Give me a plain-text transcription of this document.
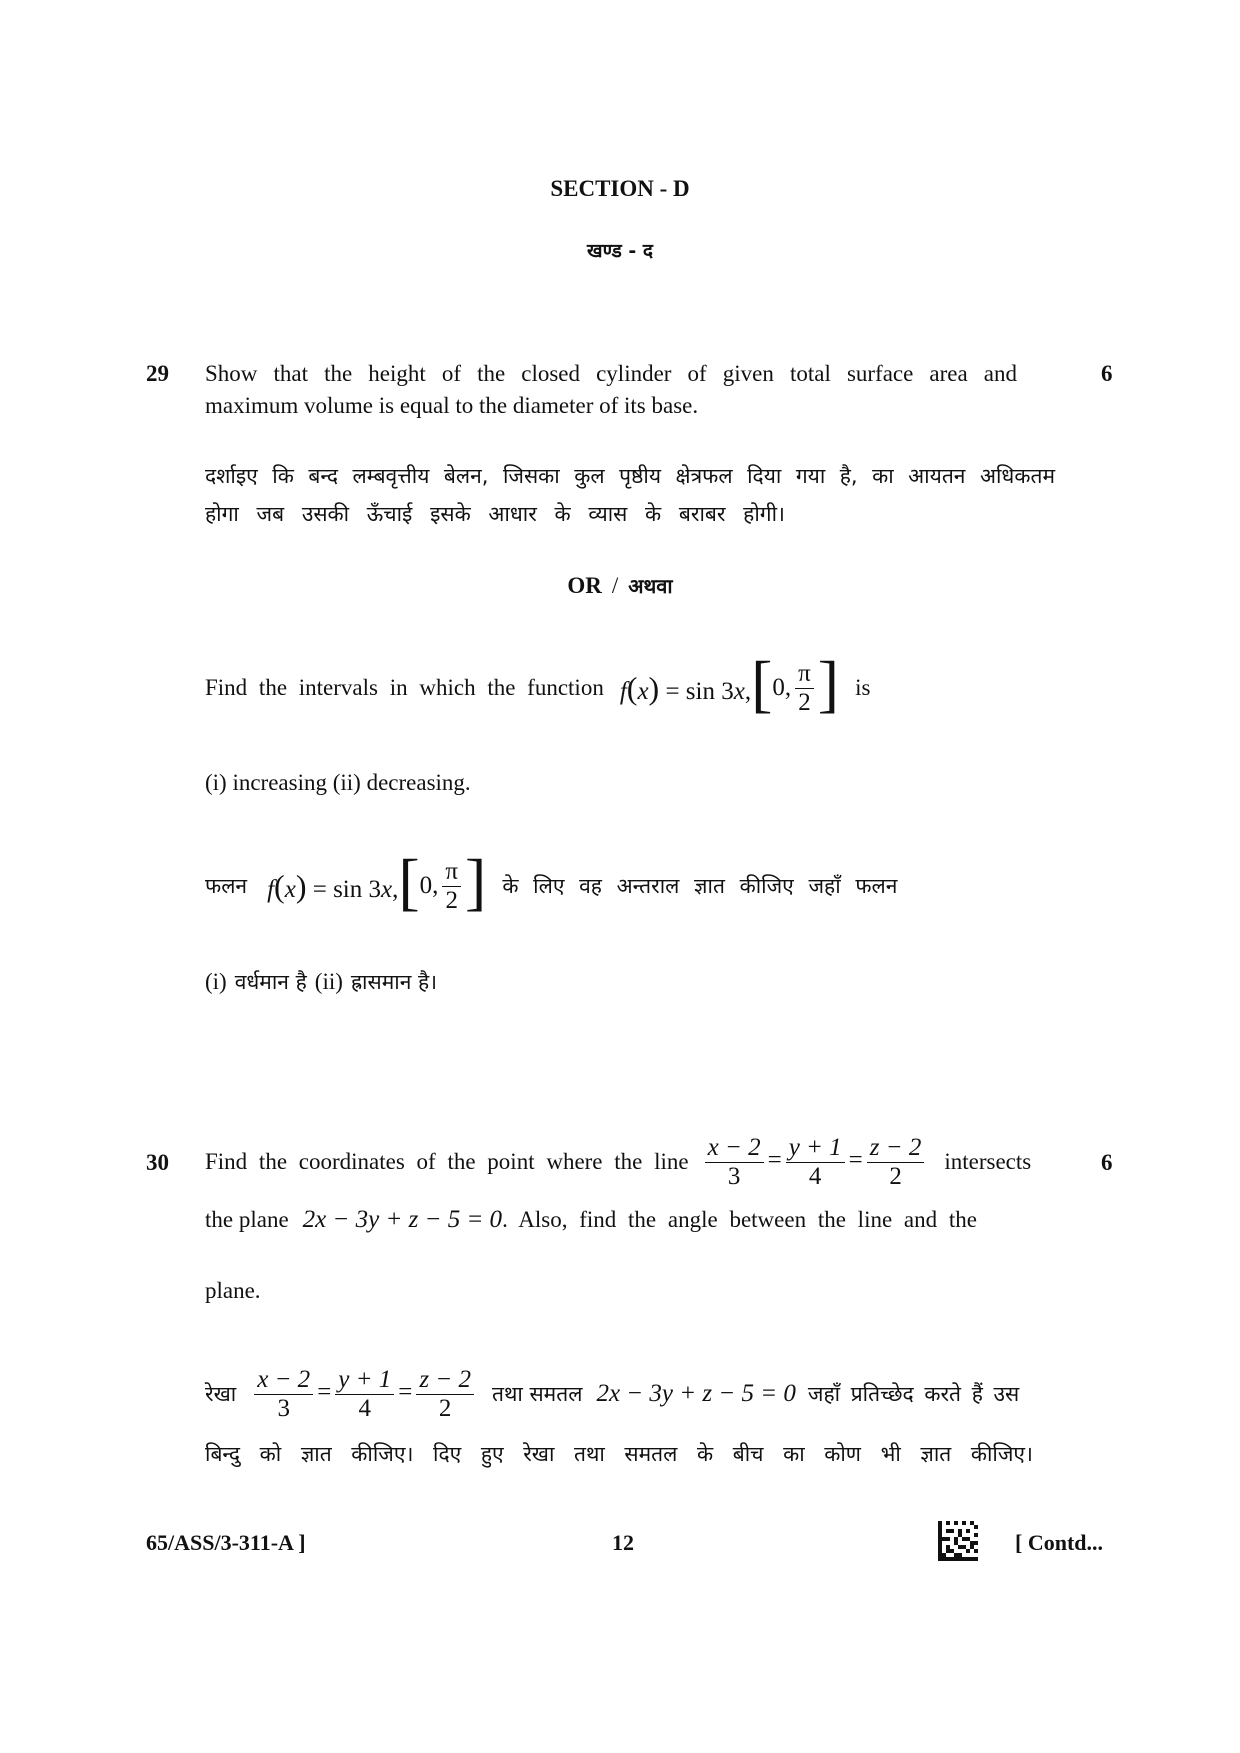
SECTION - D
खण्ड - द
29	6
Show that the height of the closed cylinder of given total surface area and
maximum volume is equal to the diameter of its base.
दर्शाइए कि बन्द लम्बवृत्तीय बेलन, जिसका कुल पृष्ठीय क्षेत्रफल दिया गया है, का आयतन अधिकतम
होगा जब उसकी ऊँचाई इसके आधार के व्यास के बराबर होगी।
OR / अथवा
Find the intervals in which the function f(x) = sin 3x, [ 0, $\frac{\pi}{2}$ ] is
(i) increasing (ii) decreasing.
फलन f(x) = sin 3x, [ 0, $\frac{\pi}{2}$ ] के लिए वह अन्तराल ज्ञात कीजिए जहाँ फलन
(i) वर्धमान है (ii) ह्रासमान है।
30	6
Find the coordinates of the point where the line $\frac{x - 2}{3} = \frac{y + 1}{4} = \frac{z - 2}{2}$ intersects
the plane 2x − 3y + z − 5 = 0 . Also, find the angle between the line and the
plane.
रेखा $\frac{x - 2}{3} = \frac{y + 1}{4} = \frac{z - 2}{2}$ तथा समतल 2x − 3y + z − 5 = 0 जहाँ प्रतिच्छेद करते हैं उस
बिन्दु को ज्ञात कीजिए। दिए हुए रेखा तथा समतल के बीच का कोण भी ज्ञात कीजिए।
65/ASS/3-311-A ]	12	[ Contd...
